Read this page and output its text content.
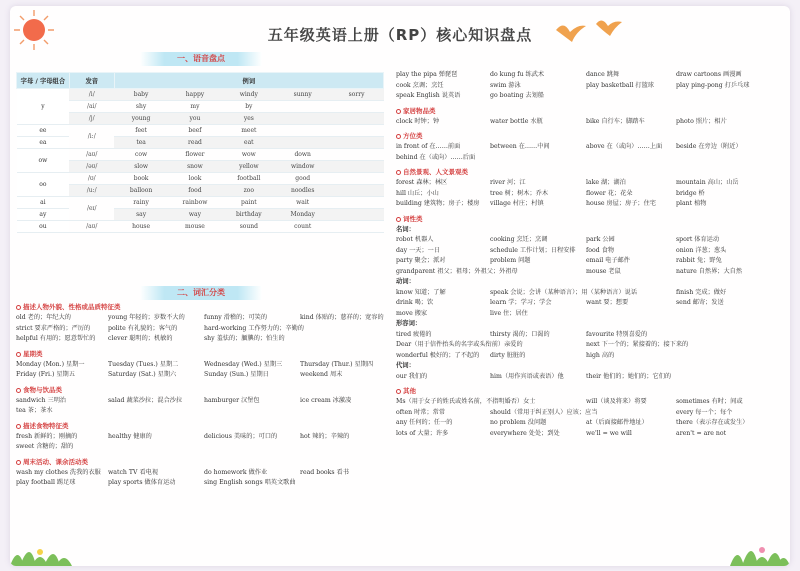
五年级英语上册（RP）核心知识盘点
一、语音盘点
字母 / 字母组合	发音	例词				
y	/i/	baby	happy	windy	sunny	sorry
	/ai/	shy	my	by		
	/j/	young	you	yes		
ee	/i:/	feet	beef	meet		
ea		tea	read	eat		
ow	/aʊ/	cow	flower	wow	down	
	/əʊ/	slow	snow	yellow	window	
oo	/ʊ/	book	look	football	good	
	/u:/	balloon	food	zoo	noodles	
ai	/eɪ/	rainy	rainbow	paint	wait	
ay		say	way	birthday	Monday	
ou	/aʊ/	house	mouse	sound	count	
二、词汇分类
描述人物外貌、性格或品质特征类
old 老的；年纪大的	young 年轻的；岁数不大的	funny 滑稽的；可笑的	kind 体贴的；慈祥的；宽容的
strict 要求严格的；严厉的	polite 有礼貌的；客气的	hard-working 工作努力的；辛勤的
helpful 有用的；愿意帮忙的 clever 聪明的；机敏的	shy 羞怯的；腼腆的；怕生的
星期类
Monday (Mon.) 星期一	Tuesday (Tues.) 星期二	Wednesday (Wed.) 星期三	Thursday (Thur.) 星期四
Friday (Fri.) 星期五	Saturday (Sat.) 星期六	Sunday (Sun.) 星期日	weekend 周末
食物与饮品类
sandwich 三明治	salad 蔬菜沙拉；混合沙拉	hamburger 汉堡包	ice cream 冰激凌
tea 茶；茶水
描述食物特征类
fresh 新鲜的；刚摘的	healthy 健康的	delicious 美味的；可口的	hot 辣的；辛辣的
sweet 含糖的；甜的
周末活动、课余活动类
wash my clothes 洗我的衣服 watch TV 看电视	do homework 做作业	read books 看书
play football 踢足球	play sports 做体育运动	sing English songs 唱英文歌曲
play the pipa 弹琵琶	do kung fu 练武术	dance 跳舞	draw cartoons 画漫画
cook 烹调；烹饪	swim 游泳	play basketball 打篮球	play ping-pong 打乒乓球
speak English 说英语	go boating 去划船
家居物品类
clock 时钟；钟	water bottle 水瓶	bike 自行车；脚踏车	photo 照片；相片
方位类
in front of 在……前面	between 在……中间	above 在（或向）……上面 beside 在旁边（附近）
behind 在（或向）……后面
自然景观、人文景观类
forest 森林；林区	river 河；江	lake 湖；湖泊	mountain 高山；山岳
hill 山丘；小山	tree 树；树木；乔木	flower 花；花朵	bridge 桥
building 建筑物；房子；楼房 village 村庄；村镇	house 房屋；房子；住宅	plant 植物
词性类
名词：
robot 机器人	cooking 烹饪；烹调	park 公园	sport 体育运动
day 一天；一日	schedule 工作计划；日程安排 food 食物	onion 洋葱；葱头
party 聚会；派对	problem 问题	email 电子邮件	rabbit 兔；野兔
grandparent 祖父；祖母；外祖父；外祖母	mouse 老鼠	nature 自然界；大自然
动词：
know 知道；了解	speak 会说；会讲（某种语言）；用（某种语言）说话	finish 完成；做好
drink 喝；饮	learn 学；学习；学会	want 要；想要	send 邮寄；发送
move 搬家	live 住；居住
形容词：
tired 疲倦的	thirsty 渴的；口渴的	favourite 特别喜爱的
Dear（用于信件抬头的名字或头衔前）亲爱的	next 下一个的；紧接着的；接下来的
wonderful 极好的；了不起的 dirty 脏脏的	high 高的
代词：
our 我们的	him（用作宾语或表语）他	their 他们的；她们的；它们的
其他
Ms（用于女子的姓氏或姓名前，不指明婚否）女士	will（谈及将来）将要	sometimes 有时；间或
often 时常；常常	should（常用于纠正别人）应该；应当	every 每一个；每个
any 任何的；任一的	no problem 没问题	at（后面接邮件地址）	there（表示存在或发生）
lots of 大量；许多	everywhere 处处；到处	we'll = we will	aren't = are not
